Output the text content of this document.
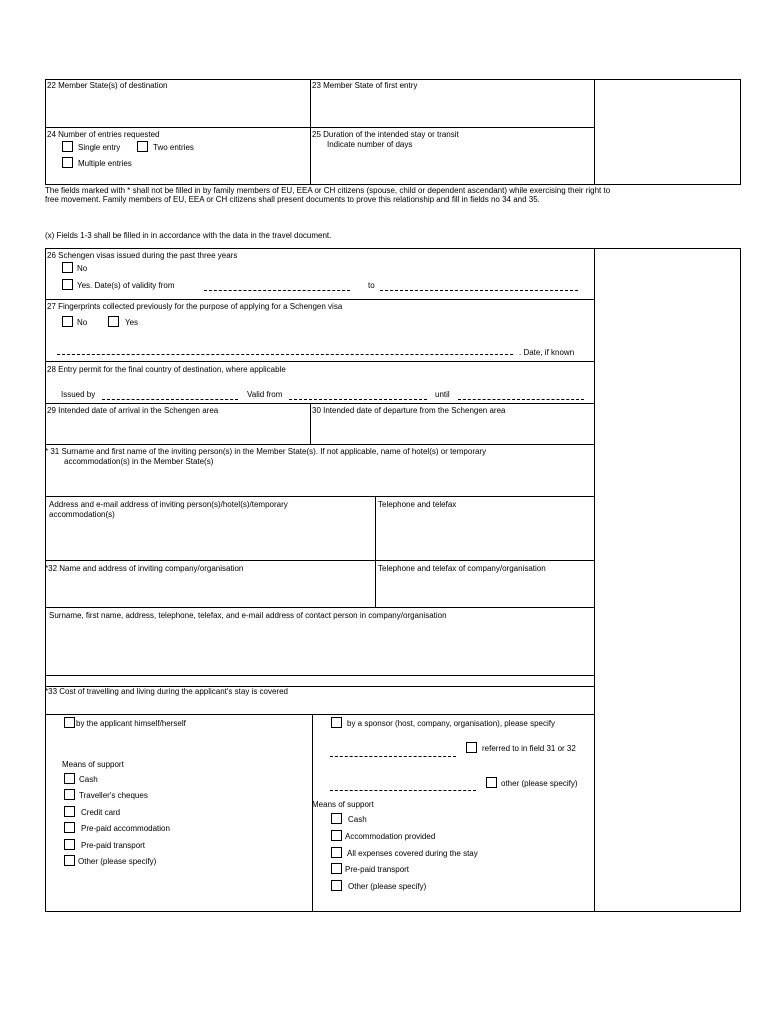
22 Member State(s) of destination	23 Member State of first entry
24 Number of entries requested
Single entry	Two entries
Multiple entries
25 Duration of the intended stay or transit
Indicate number of days
The fields marked with * shall not be filled in by family members of EU, EEA or CH citizens (spouse, child or dependent ascendant) while exercising their right to
free movement. Family members of EU, EEA or CH citizens shall present documents to prove this relationship and fill in fields no 34 and 35.
(x) Fields 1-3 shall be filled in in accordance with the data in the travel document.
26 Schengen visas issued during the past three years
No
Yes. Date(s) of validity from	to
27 Fingerprints collected previously for the purpose of applying for a Schengen visa
No	Yes
. Date, if known
28 Entry permit for the final country of destination, where applicable
Issued by	Valid from	until
29 Intended date of arrival in the Schengen area	30 Intended date of departure from the Schengen area
* 31 Surname and first name of the inviting person(s) in the Member State(s). If not applicable, name of hotel(s) or temporary
accommodation(s) in the Member State(s)
Address and e-mail address of inviting person(s)/hotel(s)/temporary
accommodation(s)
Telephone and telefax
*32 Name and address of inviting company/organisation	Telephone and telefax of company/organisation
Surname, first name, address, telephone, telefax, and e-mail address of contact person in company/organisation
*33 Cost of travelling and living during the applicant's stay is covered
by the applicant himself/herself
Means of support
Cash
Traveller's cheques
Credit card
Pre-paid accommodation
Pre-paid transport
Other (please specify)
by a sponsor (host, company, organisation), please specify
referred to in field 31 or 32
other (please specify)
Means of support
Cash
Accommodation provided
All expenses covered during the stay
Pre-paid transport
Other (please specify)
